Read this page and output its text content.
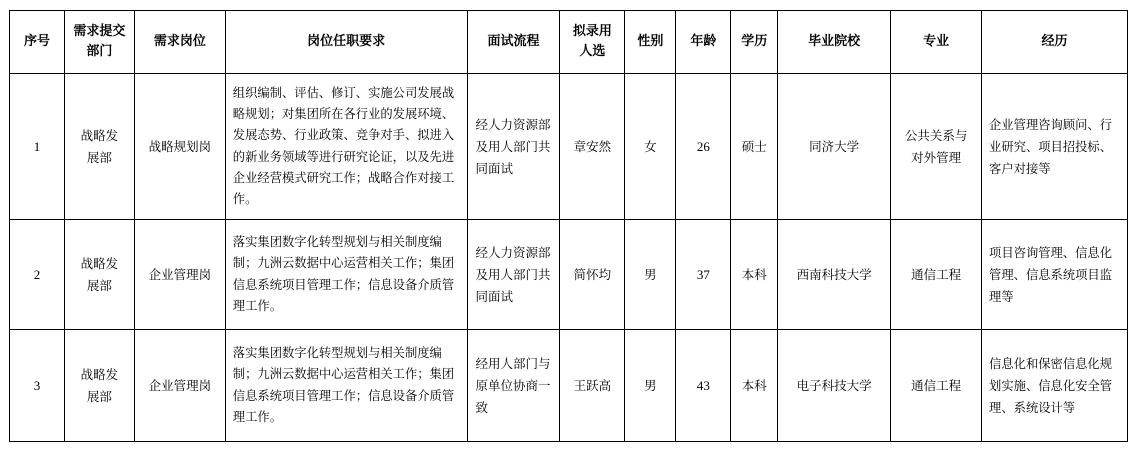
序号	需求提交部门	需求岗位	岗位任职要求	面试流程	拟录用人选	性别	年龄	学历	毕业院校	专业	经历
1	战略发展部	战略规划岗	组织编制、评估、修订、实施公司发展战略规划；对集团所在各行业的发展环境、发展态势、行业政策、竞争对手、拟进入的新业务领域等进行研究论证，以及先进企业经营模式研究工作；战略合作对接工作。	经人力资源部及用人部门共同面试	章安然	女	26	硕士	同济大学	公共关系与对外管理	企业管理咨询顾问、行业研究、项目招投标、客户对接等
2	战略发展部	企业管理岗	落实集团数字化转型规划与相关制度编制；九洲云数据中心运营相关工作；集团信息系统项目管理工作；信息设备介质管理工作。	经人力资源部及用人部门共同面试	简怀均	男	37	本科	西南科技大学	通信工程	项目咨询管理、信息化管理、信息系统项目监理等
3	战略发展部	企业管理岗	落实集团数字化转型规划与相关制度编制；九洲云数据中心运营相关工作；集团信息系统项目管理工作；信息设备介质管理工作。	经用人部门与原单位协商一致	王跃高	男	43	本科	电子科技大学	通信工程	信息化和保密信息化规划实施、信息化安全管理、系统设计等
